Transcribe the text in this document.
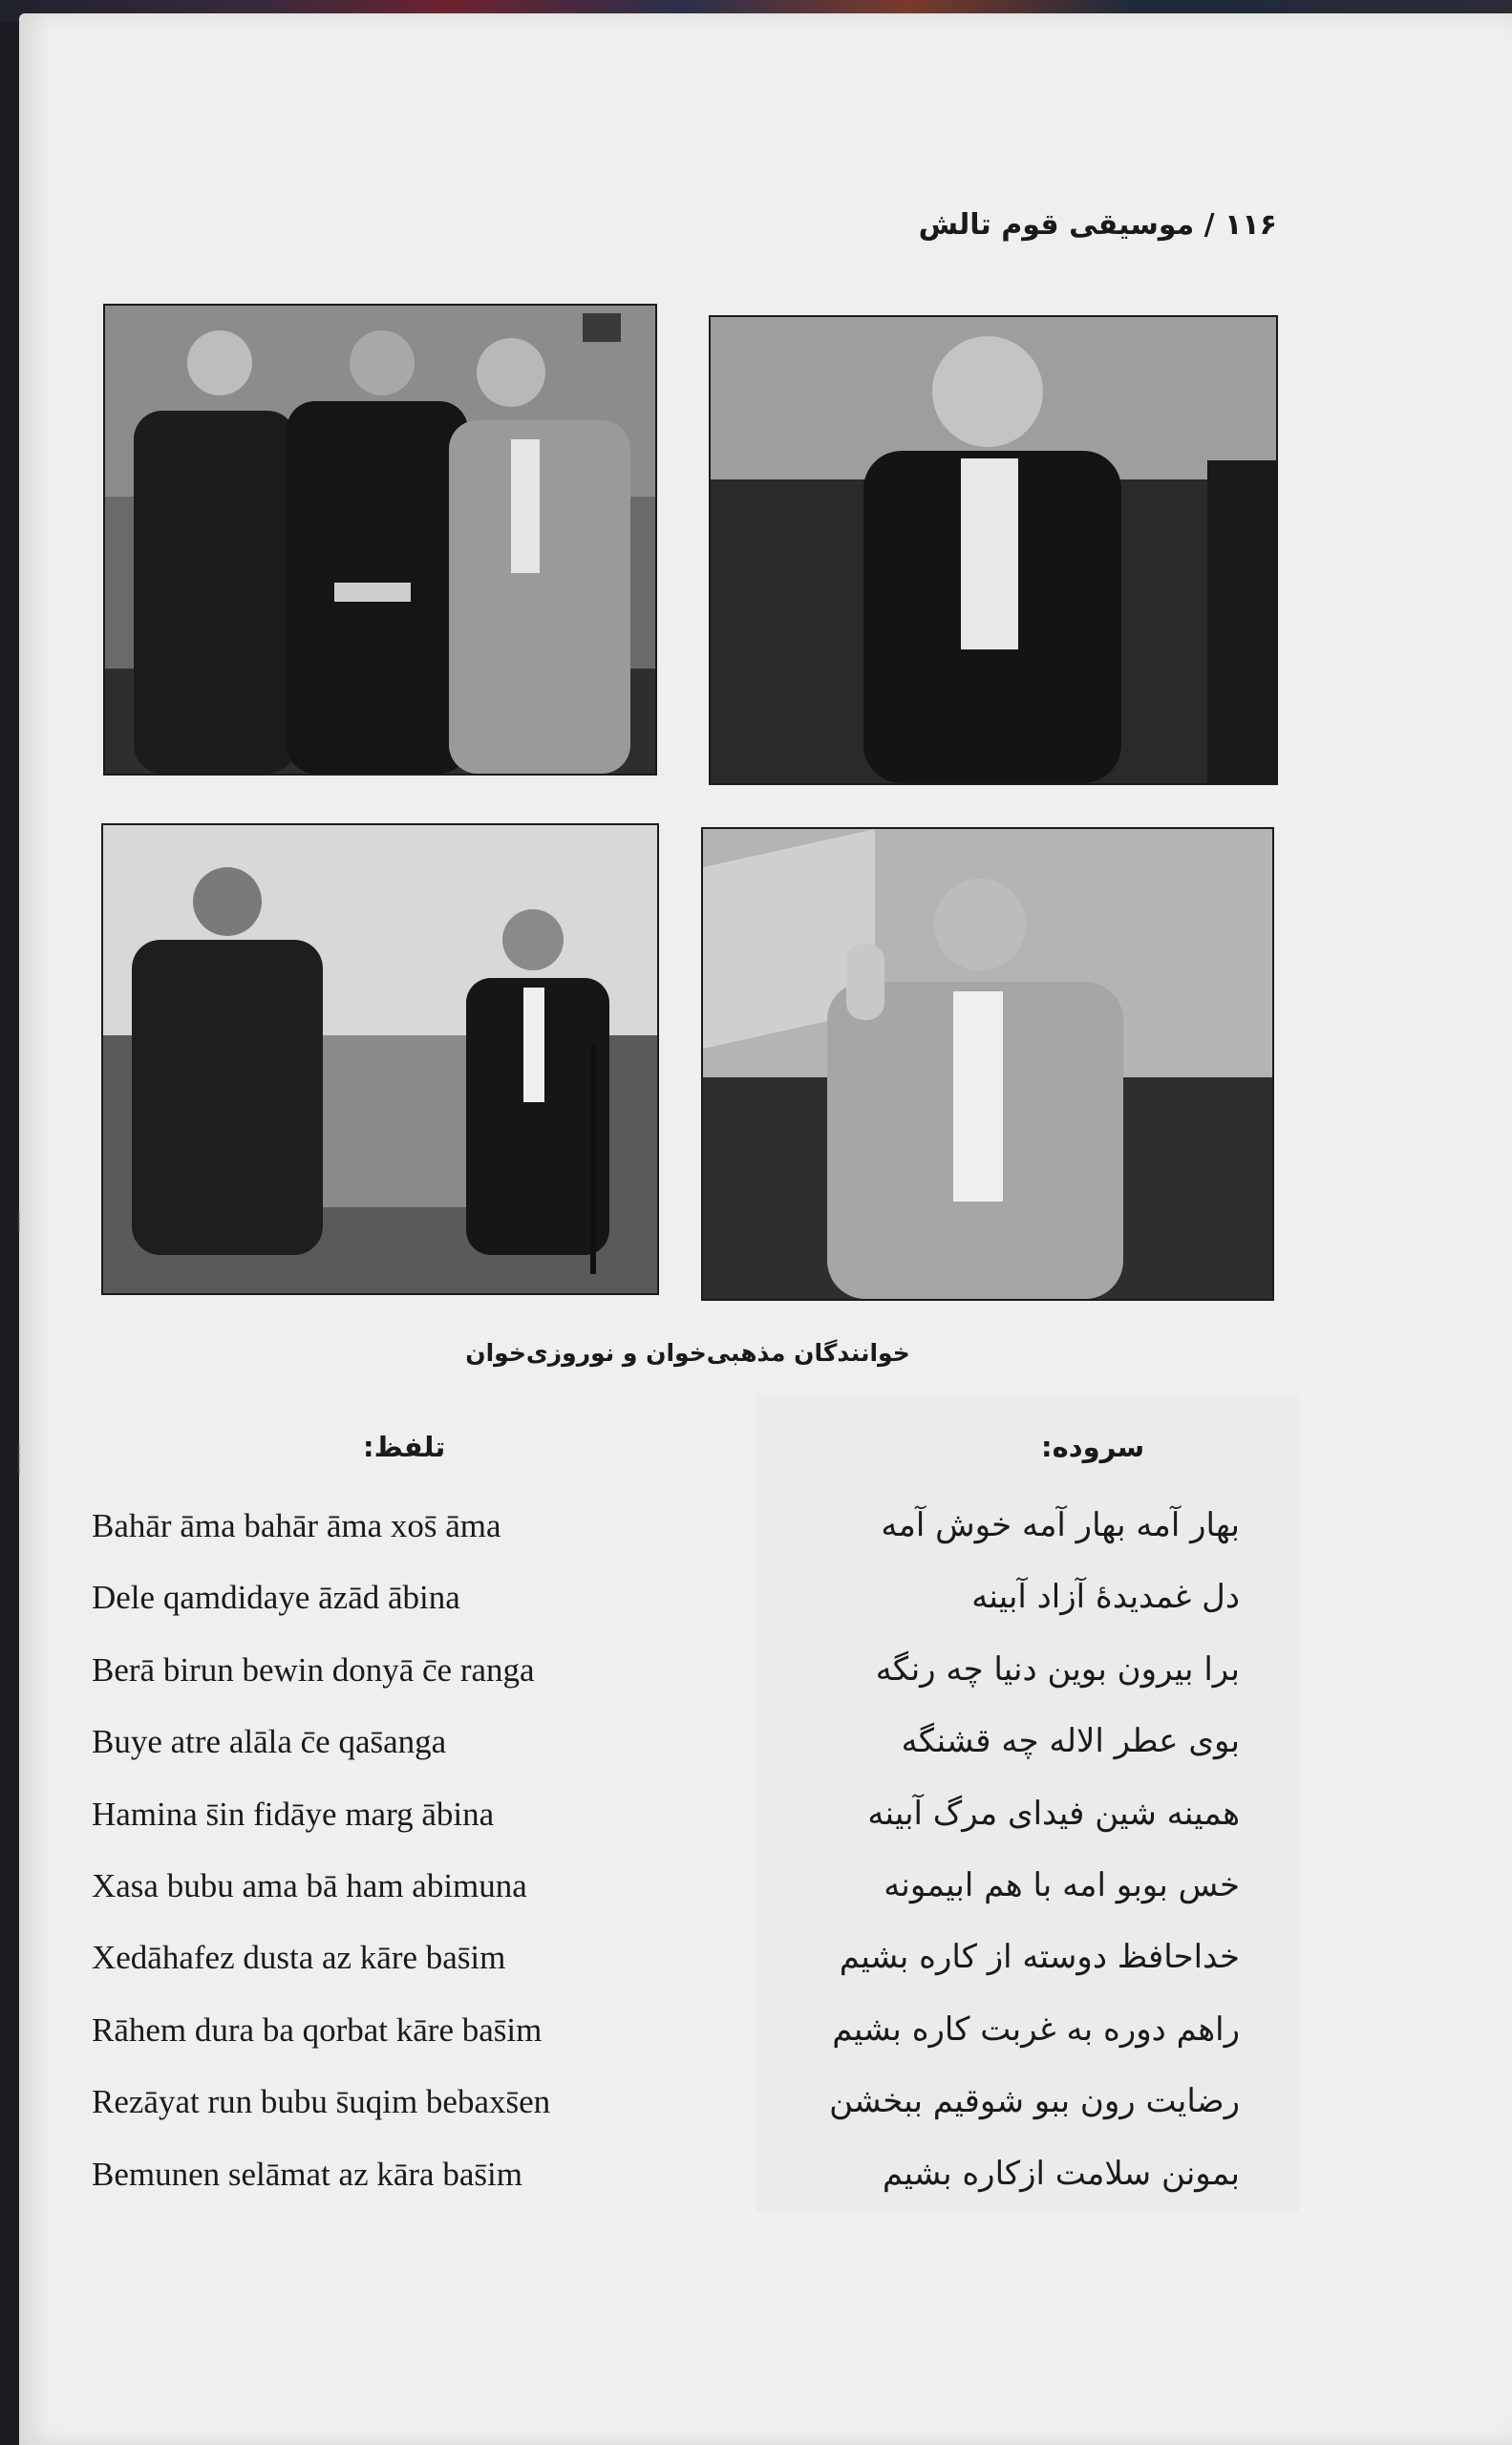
⁞
⁞
⁞
⁞
⁞
۱۱۶ / موسیقی قوم تالش
خوانندگان مذهبی‌خوان و نوروزی‌خوان
سروده:
تلفظ:
Bahār āma bahār āma xos̄ āma
Dele qamdidaye āzād ābina
Berā birun bewin donyā c̄e ranga
Buye atre alāla c̄e qas̄anga
Hamina s̄in fidāye marg ābina
Xasa bubu ama bā ham abimuna
Xedāhafez dusta az kāre bas̄im
Rāhem dura ba qorbat kāre bas̄im
Rezāyat run bubu s̄uqim bebaxs̄en
Bemunen selāmat az kāra bas̄im
بهار آمه بهار آمه خوش آمه
دل غمدیدهٔ آزاد آبینه
برا بیرون بوین دنیا چه رنگه
بوی عطر الاله چه قشنگه
همینه شین فیدای مرگ آبینه
خس بوبو امه با هم ابیمونه
خداحافظ دوسته از کاره بشیم
راهم دوره به غربت کاره بشیم
رضایت رون ببو شوقیم ببخشن
بمونن سلامت ازکاره بشیم
